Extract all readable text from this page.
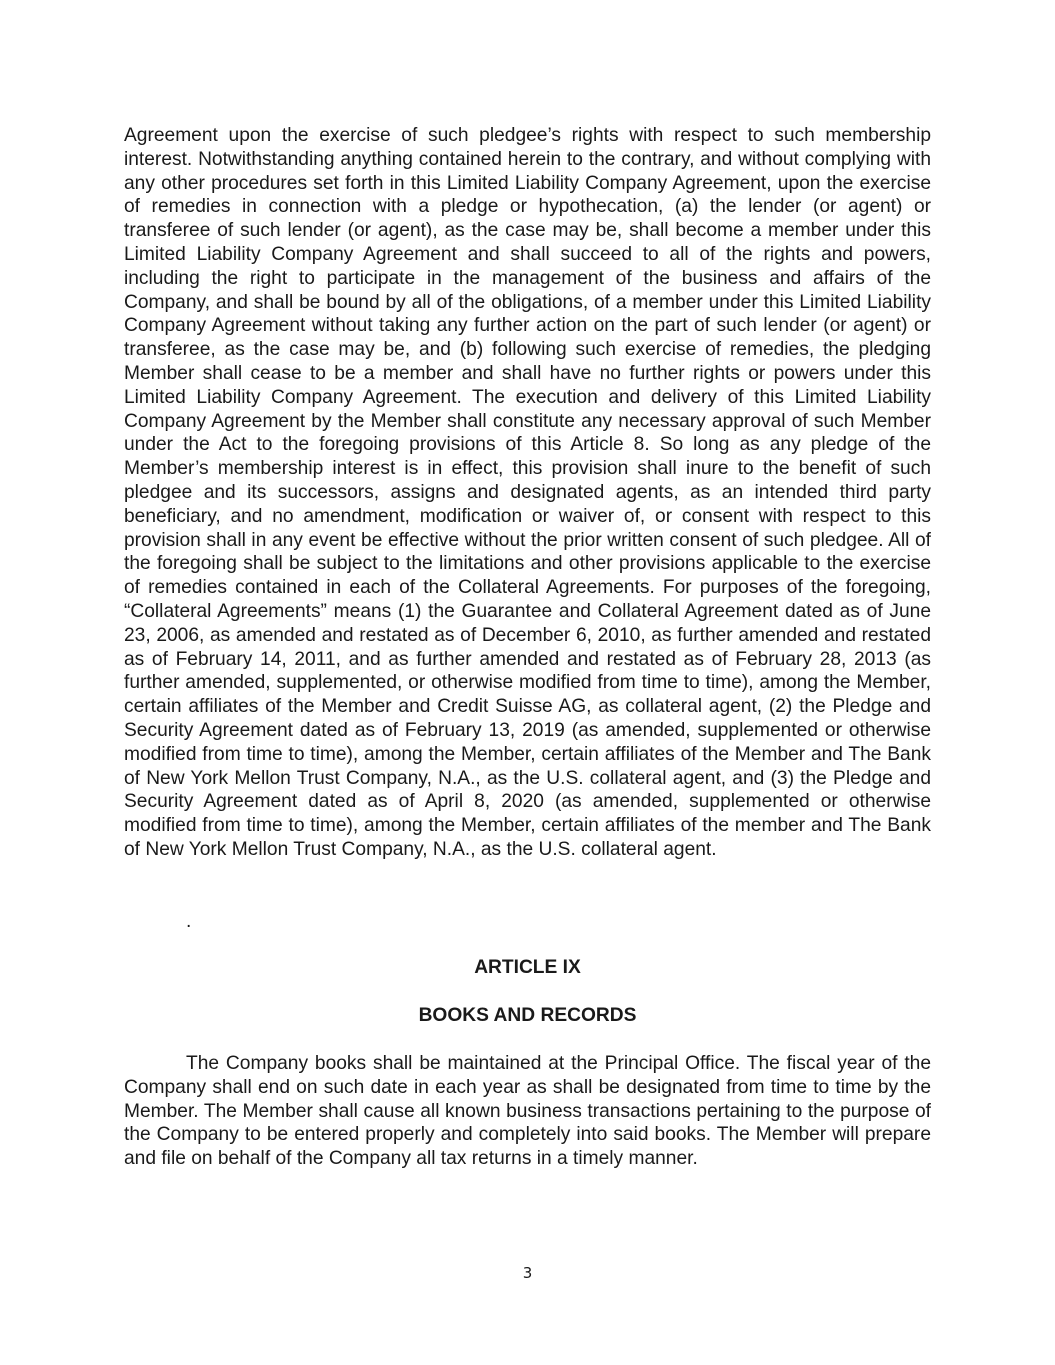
Agreement upon the exercise of such pledgee’s rights with respect to such membership interest. Notwithstanding anything contained herein to the contrary, and without complying with any other procedures set forth in this Limited Liability Company Agreement, upon the exercise of remedies in connection with a pledge or hypothecation, (a) the lender (or agent) or transferee of such lender (or agent), as the case may be, shall become a member under this Limited Liability Company Agreement and shall succeed to all of the rights and powers, including the right to participate in the management of the business and affairs of the Company, and shall be bound by all of the obligations, of a member under this Limited Liability Company Agreement without taking any further action on the part of such lender (or agent) or transferee, as the case may be, and (b) following such exercise of remedies, the pledging Member shall cease to be a member and shall have no further rights or powers under this Limited Liability Company Agreement. The execution and delivery of this Limited Liability Company Agreement by the Member shall constitute any necessary approval of such Member under the Act to the foregoing provisions of this Article 8. So long as any pledge of the Member’s membership interest is in effect, this provision shall inure to the benefit of such pledgee and its successors, assigns and designated agents, as an intended third party beneficiary, and no amendment, modification or waiver of, or consent with respect to this provision shall in any event be effective without the prior written consent of such pledgee. All of the foregoing shall be subject to the limitations and other provisions applicable to the exercise of remedies contained in each of the Collateral Agreements. For purposes of the foregoing, “Collateral Agreements” means (1) the Guarantee and Collateral Agreement dated as of June 23, 2006, as amended and restated as of December 6, 2010, as further amended and restated as of February 14, 2011, and as further amended and restated as of February 28, 2013 (as further amended, supplemented, or otherwise modified from time to time), among the Member, certain affiliates of the Member and Credit Suisse AG, as collateral agent, (2) the Pledge and Security Agreement dated as of February 13, 2019 (as amended, supplemented or otherwise modified from time to time), among the Member, certain affiliates of the Member and The Bank of New York Mellon Trust Company, N.A., as the U.S. collateral agent, and (3) the Pledge and Security Agreement dated as of April 8, 2020 (as amended, supplemented or otherwise modified from time to time), among the Member, certain affiliates of the member and The Bank of New York Mellon Trust Company, N.A., as the U.S. collateral agent.

.
ARTICLE IX
BOOKS AND RECORDS

The Company books shall be maintained at the Principal Office. The fiscal year of the Company shall end on such date in each year as shall be designated from time to time by the Member. The Member shall cause all known business transactions pertaining to the purpose of the Company to be entered properly and completely into said books. The Member will prepare and file on behalf of the Company all tax returns in a timely manner.

3
